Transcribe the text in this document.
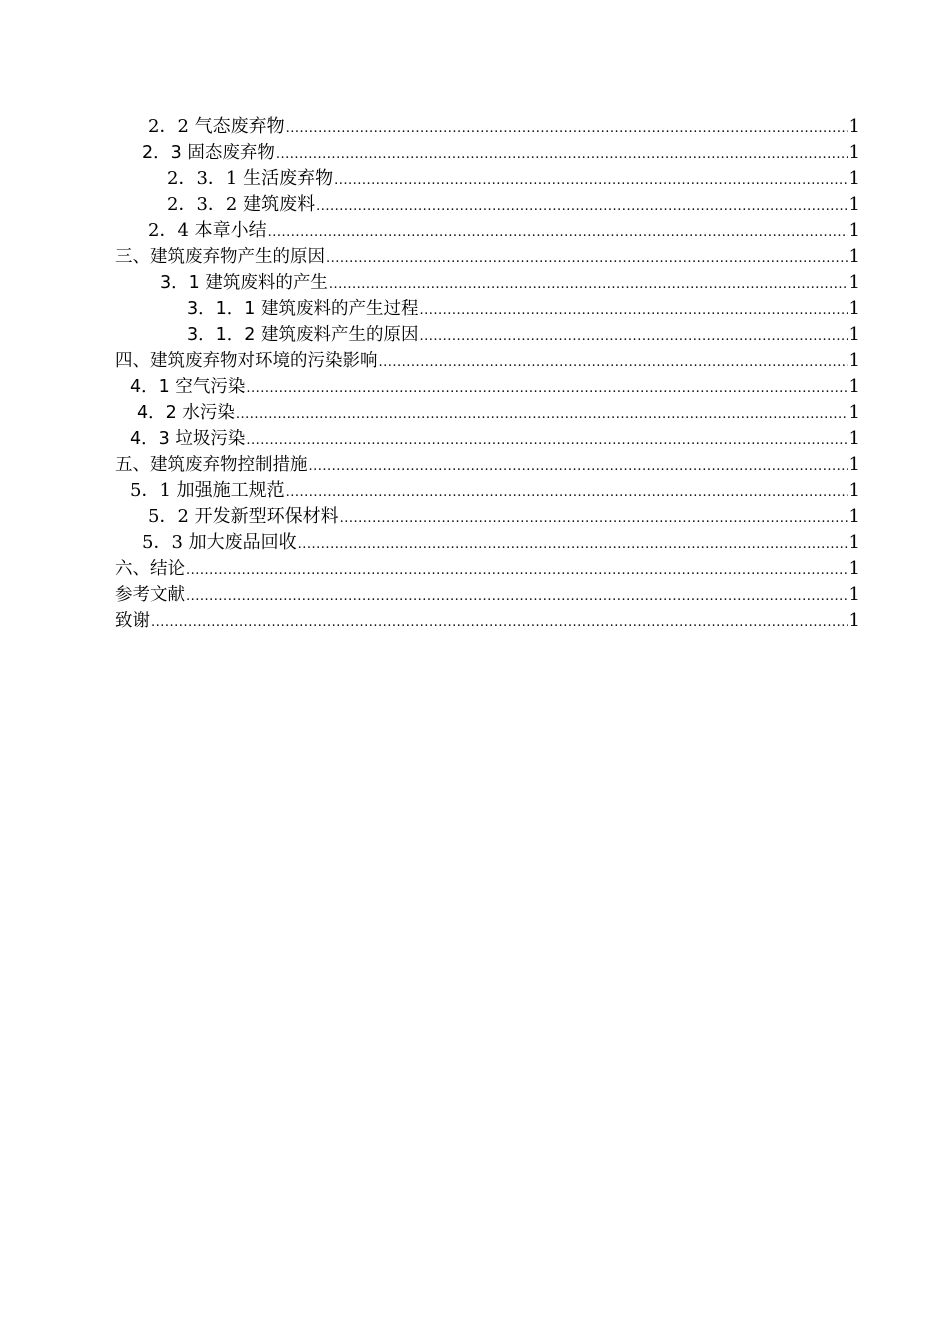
2．2 气态废弃物 .....	1
2．3 固态废弃物 .....	1
2．3．1 生活废弃物 .....	1
2．3．2 建筑废料 .....	1
2．4 本章小结 .....	1
三、建筑废弃物产生的原因 .....	1
3．1 建筑废料的产生 .....	1
3．1．1 建筑废料的产生过程 .....	1
3．1．2 建筑废料产生的原因 .....	1
四、建筑废弃物对环境的污染影响 .....	1
4．1 空气污染 .....	1
4．2 水污染 .....	1
4．3 垃圾污染 .....	1
五、建筑废弃物控制措施 .....	1
5．1 加强施工规范 .....	1
5．2 开发新型环保材料 .....	1
5．3 加大废品回收 .....	1
六、结论 .....	1
参考文献 .....	1
致谢 .....	1
